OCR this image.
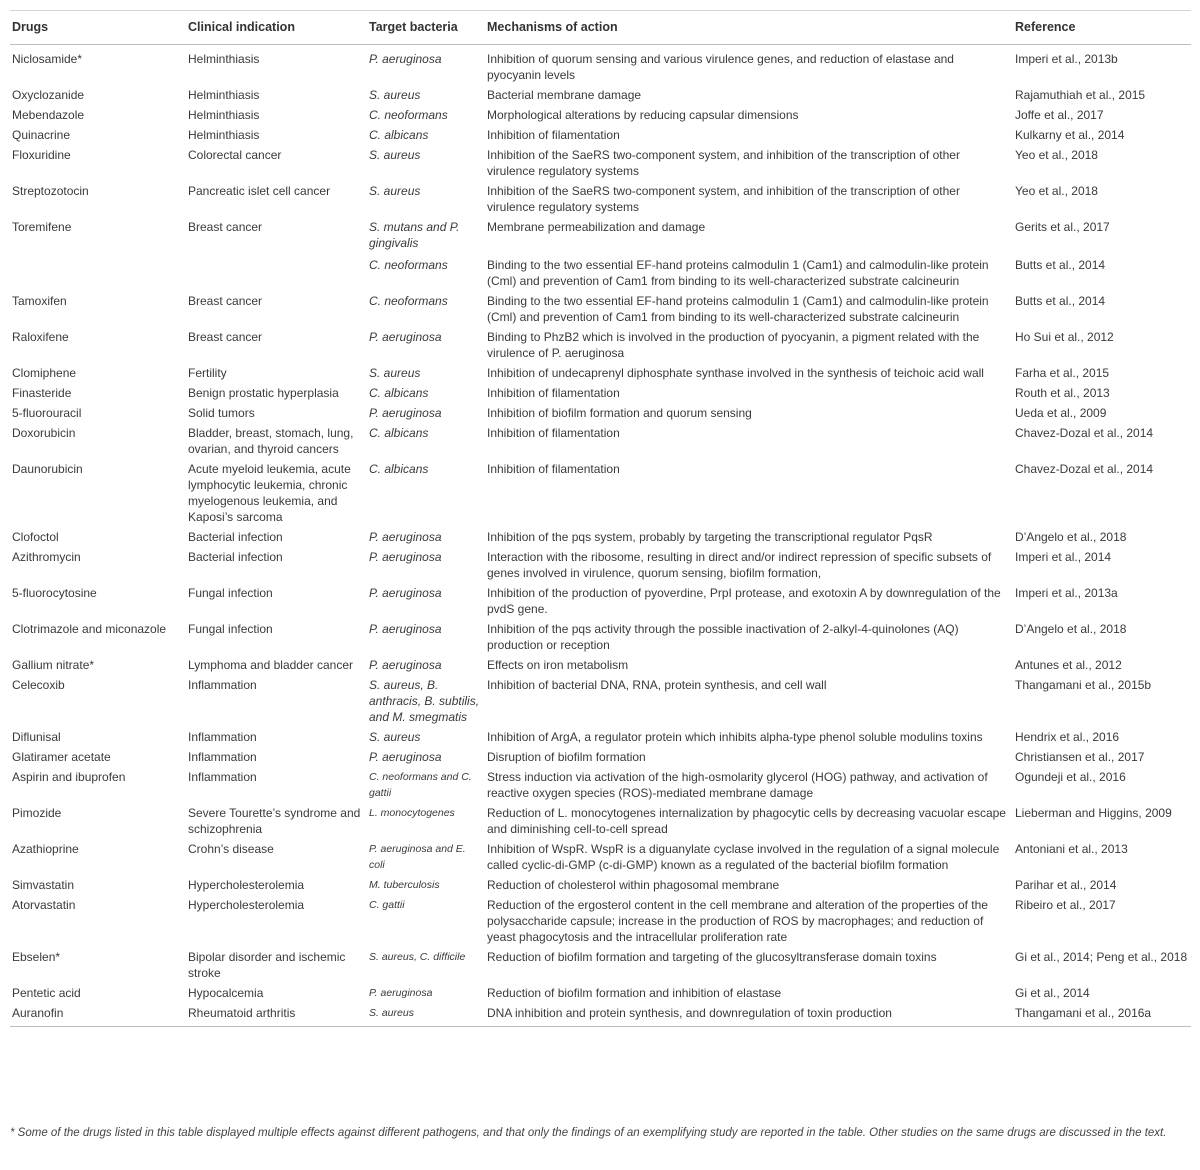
Drugs	Clinical indication	Target bacteria	Mechanisms of action	Reference
Niclosamide*	Helminthiasis	P. aeruginosa	Inhibition of quorum sensing and various virulence genes, and reduction of elastase and pyocyanin levels	Imperi et al., 2013b
Oxyclozanide	Helminthiasis	S. aureus	Bacterial membrane damage	Rajamuthiah et al., 2015
Mebendazole	Helminthiasis	C. neoformans	Morphological alterations by reducing capsular dimensions	Joffe et al., 2017
Quinacrine	Helminthiasis	C. albicans	Inhibition of filamentation	Kulkarny et al., 2014
Floxuridine	Colorectal cancer	S. aureus	Inhibition of the SaeRS two-component system, and inhibition of the transcription of other virulence regulatory systems	Yeo et al., 2018
Streptozotocin	Pancreatic islet cell cancer	S. aureus	Inhibition of the SaeRS two-component system, and inhibition of the transcription of other virulence regulatory systems	Yeo et al., 2018
Toremifene	Breast cancer	S. mutans and P. gingivalis	Membrane permeabilization and damage	Gerits et al., 2017
		C. neoformans	Binding to the two essential EF-hand proteins calmodulin 1 (Cam1) and calmodulin-like protein (Cml) and prevention of Cam1 from binding to its well-characterized substrate calcineurin	Butts et al., 2014
Tamoxifen	Breast cancer	C. neoformans	Binding to the two essential EF-hand proteins calmodulin 1 (Cam1) and calmodulin-like protein (Cml) and prevention of Cam1 from binding to its well-characterized substrate calcineurin	Butts et al., 2014
Raloxifene	Breast cancer	P. aeruginosa	Binding to PhzB2 which is involved in the production of pyocyanin, a pigment related with the virulence of P. aeruginosa	Ho Sui et al., 2012
Clomiphene	Fertility	S. aureus	Inhibition of undecaprenyl diphosphate synthase involved in the synthesis of teichoic acid wall	Farha et al., 2015
Finasteride	Benign prostatic hyperplasia	C. albicans	Inhibition of filamentation	Routh et al., 2013
5-fluorouracil	Solid tumors	P. aeruginosa	Inhibition of biofilm formation and quorum sensing	Ueda et al., 2009
Doxorubicin	Bladder, breast, stomach, lung, ovarian, and thyroid cancers	C. albicans	Inhibition of filamentation	Chavez-Dozal et al., 2014
Daunorubicin	Acute myeloid leukemia, acute lymphocytic leukemia, chronic myelogenous leukemia, and Kaposi’s sarcoma	C. albicans	Inhibition of filamentation	Chavez-Dozal et al., 2014
Clofoctol	Bacterial infection	P. aeruginosa	Inhibition of the pqs system, probably by targeting the transcriptional regulator PqsR	D’Angelo et al., 2018
Azithromycin	Bacterial infection	P. aeruginosa	Interaction with the ribosome, resulting in direct and/or indirect repression of specific subsets of genes involved in virulence, quorum sensing, biofilm formation,	Imperi et al., 2014
5-fluorocytosine	Fungal infection	P. aeruginosa	Inhibition of the production of pyoverdine, PrpI protease, and exotoxin A by downregulation of the pvdS gene.	Imperi et al., 2013a
Clotrimazole and miconazole	Fungal infection	P. aeruginosa	Inhibition of the pqs activity through the possible inactivation of 2-alkyl-4-quinolones (AQ) production or reception	D’Angelo et al., 2018
Gallium nitrate*	Lymphoma and bladder cancer	P. aeruginosa	Effects on iron metabolism	Antunes et al., 2012
Celecoxib	Inflammation	S. aureus, B. anthracis, B. subtilis, and M. smegmatis	Inhibition of bacterial DNA, RNA, protein synthesis, and cell wall	Thangamani et al., 2015b
Diflunisal	Inflammation	S. aureus	Inhibition of ArgA, a regulator protein which inhibits alpha-type phenol soluble modulins toxins	Hendrix et al., 2016
Glatiramer acetate	Inflammation	P. aeruginosa	Disruption of biofilm formation	Christiansen et al., 2017
Aspirin and ibuprofen	Inflammation	C. neoformans and C. gattii	Stress induction via activation of the high-osmolarity glycerol (HOG) pathway, and activation of reactive oxygen species (ROS)-mediated membrane damage	Ogundeji et al., 2016
Pimozide	Severe Tourette’s syndrome and schizophrenia	L. monocytogenes	Reduction of L. monocytogenes internalization by phagocytic cells by decreasing vacuolar escape and diminishing cell-to-cell spread	Lieberman and Higgins, 2009
Azathioprine	Crohn’s disease	P. aeruginosa and E. coli	Inhibition of WspR. WspR is a diguanylate cyclase involved in the regulation of a signal molecule called cyclic-di-GMP (c-di-GMP) known as a regulated of the bacterial biofilm formation	Antoniani et al., 2013
Simvastatin	Hypercholesterolemia	M. tuberculosis	Reduction of cholesterol within phagosomal membrane	Parihar et al., 2014
Atorvastatin	Hypercholesterolemia	C. gattii	Reduction of the ergosterol content in the cell membrane and alteration of the properties of the polysaccharide capsule; increase in the production of ROS by macrophages; and reduction of yeast phagocytosis and the intracellular proliferation rate	Ribeiro et al., 2017
Ebselen*	Bipolar disorder and ischemic stroke	S. aureus, C. difficile	Reduction of biofilm formation and targeting of the glucosyltransferase domain toxins	Gi et al., 2014; Peng et al., 2018
Pentetic acid	Hypocalcemia	P. aeruginosa	Reduction of biofilm formation and inhibition of elastase	Gi et al., 2014
Auranofin	Rheumatoid arthritis	S. aureus	DNA inhibition and protein synthesis, and downregulation of toxin production	Thangamani et al., 2016a
* Some of the drugs listed in this table displayed multiple effects against different pathogens, and that only the findings of an exemplifying study are reported in the table. Other studies on the same drugs are discussed in the text.
